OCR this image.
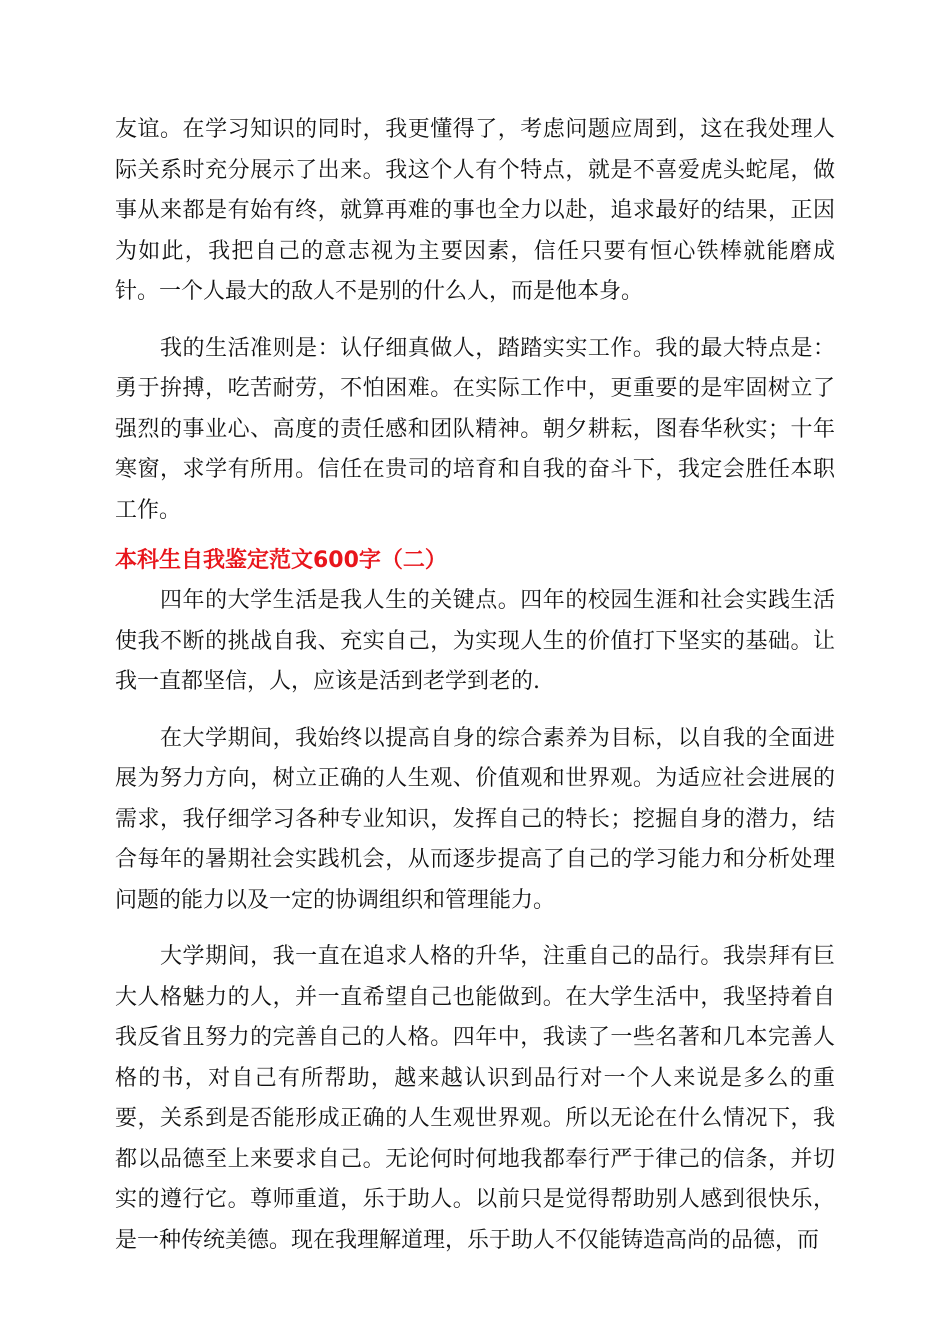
友谊。在学习知识的同时，我更懂得了，考虑问题应周到，这在我处理人际关系时充分展示了出来。我这个人有个特点，就是不喜爱虎头蛇尾，做事从来都是有始有终，就算再难的事也全力以赴，追求最好的结果，正因为如此，我把自己的意志视为主要因素，信任只要有恒心铁棒就能磨成针。一个人最大的敌人不是别的什么人，而是他本身。

　　我的生活准则是：认仔细真做人，踏踏实实工作。我的最大特点是：勇于拚搏，吃苦耐劳，不怕困难。在实际工作中，更重要的是牢固树立了强烈的事业心、高度的责任感和团队精神。朝夕耕耘，图春华秋实；十年寒窗，求学有所用。信任在贵司的培育和自我的奋斗下，我定会胜任本职工作。

本科生自我鉴定范文600字（二）

　　四年的大学生活是我人生的关键点。四年的校园生涯和社会实践生活使我不断的挑战自我、充实自己，为实现人生的价值打下坚实的基础。让我一直都坚信，人，应该是活到老学到老的.

　　在大学期间，我始终以提高自身的综合素养为目标，以自我的全面进展为努力方向，树立正确的人生观、价值观和世界观。为适应社会进展的需求，我仔细学习各种专业知识，发挥自己的特长；挖掘自身的潜力，结合每年的暑期社会实践机会，从而逐步提高了自己的学习能力和分析处理问题的能力以及一定的协调组织和管理能力。

　　大学期间，我一直在追求人格的升华，注重自己的品行。我崇拜有巨大人格魅力的人，并一直希望自己也能做到。在大学生活中，我坚持着自我反省且努力的完善自己的人格。四年中，我读了一些名著和几本完善人格的书，对自己有所帮助，越来越认识到品行对一个人来说是多么的重要，关系到是否能形成正确的人生观世界观。所以无论在什么情况下，我都以品德至上来要求自己。无论何时何地我都奉行严于律己的信条，并切实的遵行它。尊师重道，乐于助人。以前只是觉得帮助别人感到很快乐，是一种传统美德。现在我理解道理，乐于助人不仅能铸造高尚的品德，而
